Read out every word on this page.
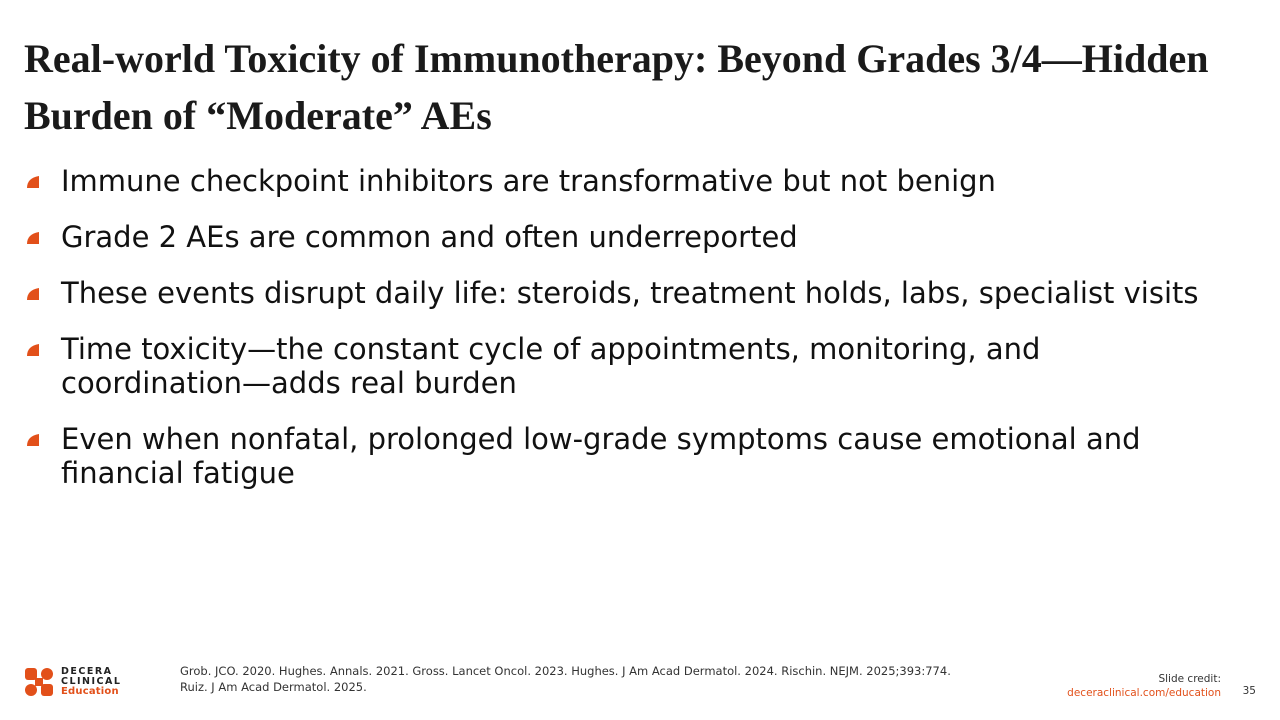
Real-world Toxicity of Immunotherapy: Beyond Grades 3/4—Hidden Burden of “Moderate” AEs
Immune checkpoint inhibitors are transformative but not benign
Grade 2 AEs are common and often underreported
These events disrupt daily life: steroids, treatment holds, labs, specialist visits
Time toxicity—the constant cycle of appointments, monitoring, and coordination—adds real burden
Even when nonfatal, prolonged low-grade symptoms cause emotional and financial fatigue
DECERA
CLINICAL
Education
Grob. JCO. 2020. Hughes. Annals. 2021. Gross. Lancet Oncol. 2023. Hughes. J Am Acad Dermatol. 2024. Rischin. NEJM. 2025;393:774. Ruiz. J Am Acad Dermatol. 2025.
Slide credit:
deceraclinical.com/education 35
